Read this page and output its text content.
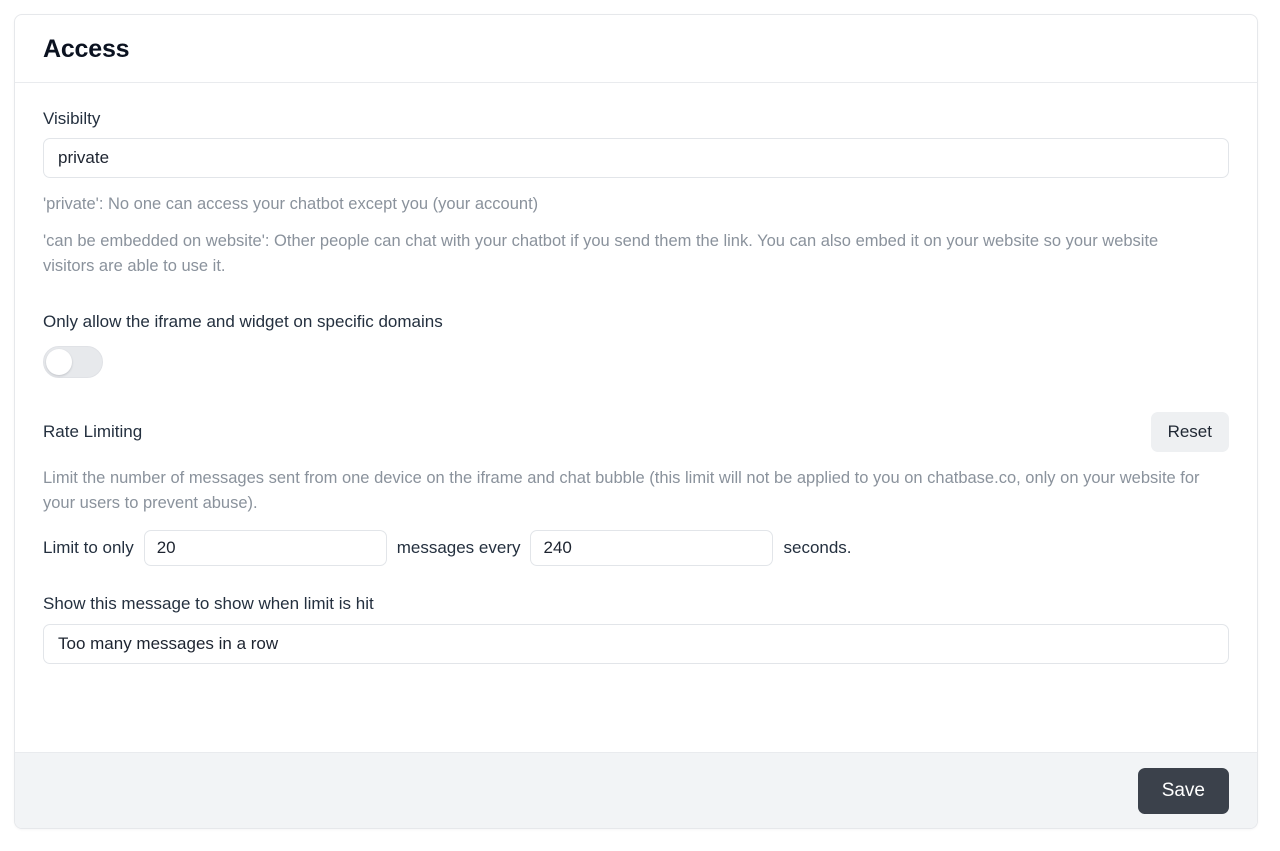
Access
Visibilty
private
'private': No one can access your chatbot except you (your account)
'can be embedded on website': Other people can chat with your chatbot if you send them the link. You can also embed it on your website so your website visitors are able to use it.
Only allow the iframe and widget on specific domains
Rate Limiting	Reset
Limit the number of messages sent from one device on the iframe and chat bubble (this limit will not be applied to you on chatbase.co, only on your website for your users to prevent abuse).
Limit to only
20	messages every
240	seconds.
Show this message to show when limit is hit
Too many messages in a row
Save
